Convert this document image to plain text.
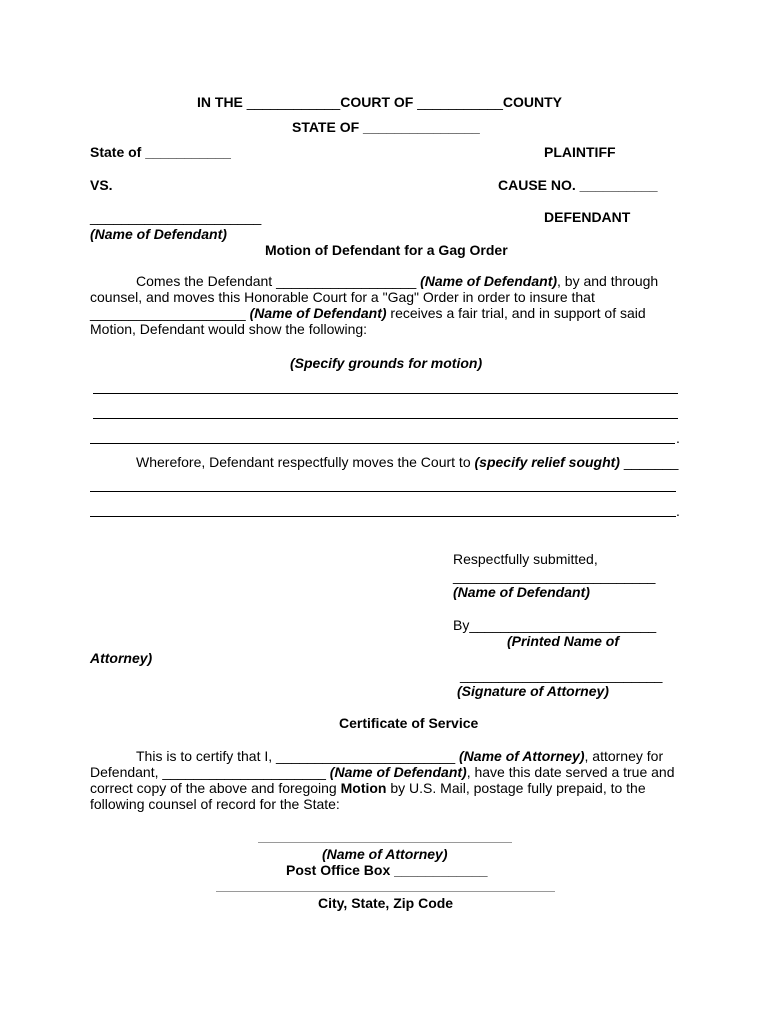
IN THE ____________COURT OF ___________COUNTY
STATE OF _______________
State of ___________	PLAINTIFF
VS.	CAUSE NO. __________
______________________	DEFENDANT
(Name of Defendant)
Motion of Defendant for a Gag Order
Comes the Defendant __________________ (Name of Defendant), by and through counsel, and moves this Honorable Court for a "Gag" Order in order to insure that ____________________ (Name of Defendant) receives a fair trial, and in support of said Motion, Defendant would show the following:
(Specify grounds for motion)
.
Wherefore, Defendant respectfully moves the Court to (specify relief sought) _______
.
Respectfully submitted,
__________________________
(Name of Defendant)
By________________________
(Printed Name of
Attorney)
__________________________
(Signature of Attorney)
Certificate of Service
This is to certify that I, _______________________ (Name of Attorney), attorney for Defendant, _____________________ (Name of Defendant), have this date served a true and correct copy of the above and foregoing Motion by U.S. Mail, postage fully prepaid, to the following counsel of record for the State:
(Name of Attorney)
Post Office Box ____________
City, State, Zip Code
